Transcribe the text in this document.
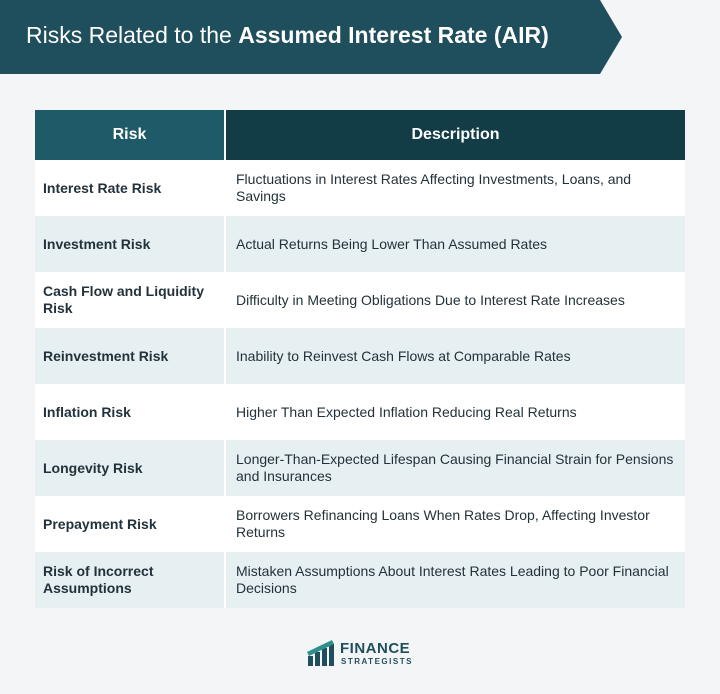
Risks Related to the Assumed Interest Rate (AIR)
Risk	Description
Interest Rate Risk	Fluctuations in Interest Rates Affecting Investments, Loans, and Savings
Investment Risk	Actual Returns Being Lower Than Assumed Rates
Cash Flow and Liquidity Risk	Difficulty in Meeting Obligations Due to Interest Rate Increases
Reinvestment Risk	Inability to Reinvest Cash Flows at Comparable Rates
Inflation Risk	Higher Than Expected Inflation Reducing Real Returns
Longevity Risk	Longer-Than-Expected Lifespan Causing Financial Strain for Pensions and Insurances
Prepayment Risk	Borrowers Refinancing Loans When Rates Drop, Affecting Investor Returns
Risk of Incorrect Assumptions	Mistaken Assumptions About Interest Rates Leading to Poor Financial Decisions
FINANCE
STRATEGISTS
